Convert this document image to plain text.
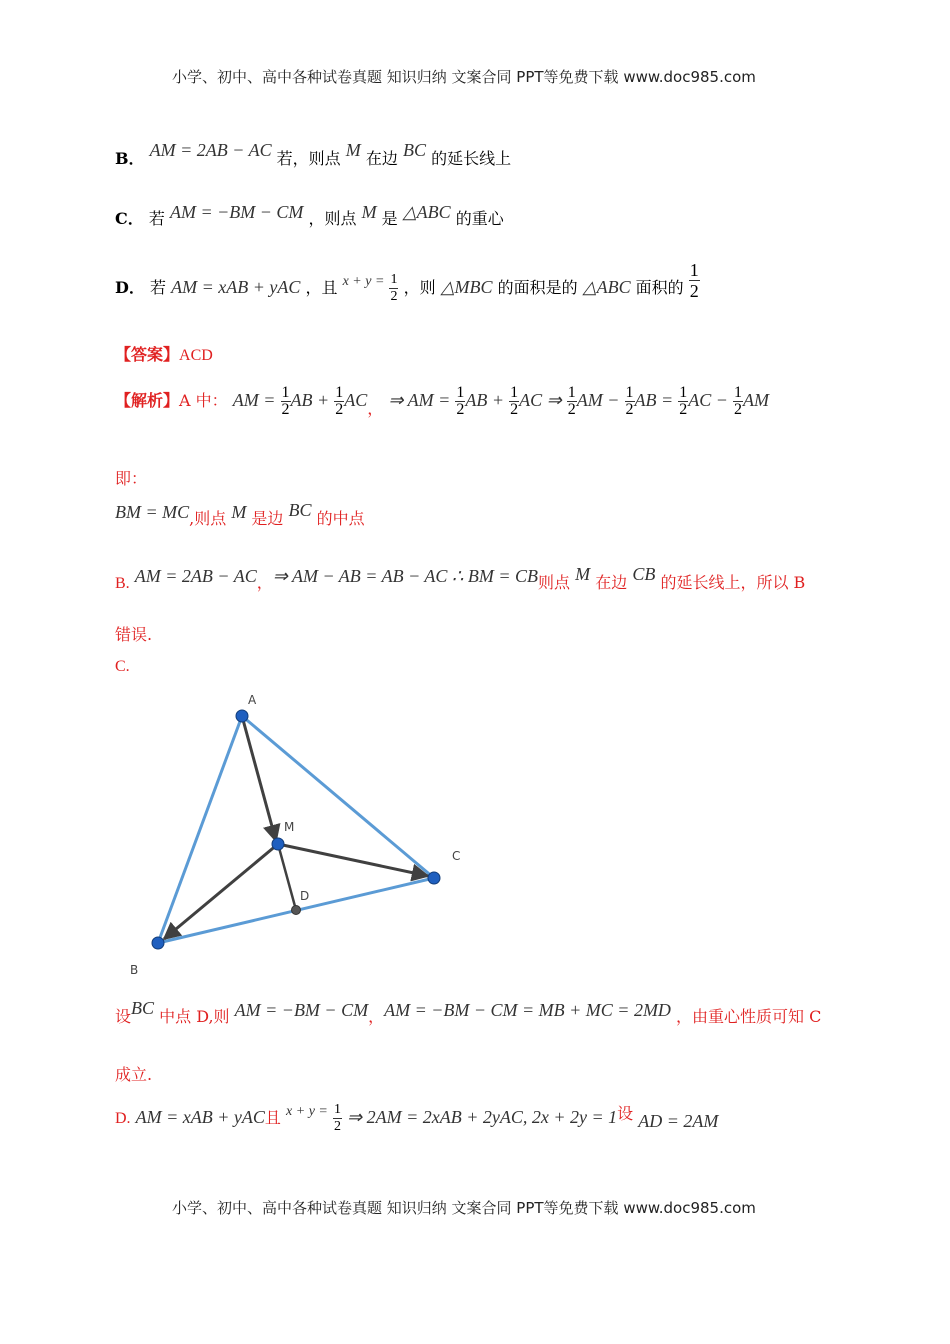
小学、初中、高中各种试卷真题 知识归纳 文案合同 PPT等免费下载 www.doc985.com
B． AM = 2AB − AC 若，则点 M 在边 BC 的延长线上
C． 若 AM = −BM − CM ，则点 M 是 △ABC 的重心
D． 若 AM = xAB + yAC ，且 $x + y = \frac{1}{2}$ ，则 △MBC 的面积是的 △ABC 面积的 $\frac{1}{2}$
【答案】ACD
【解析】A 中： AM = $\frac{1}{2}$ AB + $\frac{1}{2}$ AC， ⇒ AM = $\frac{1}{2}$ AB + $\frac{1}{2}$ AC ⇒ $\frac{1}{2}$ AM − $\frac{1}{2}$ AB = $\frac{1}{2}$ AC − $\frac{1}{2}$ AM
即：
BM = MC,则点 M 是边 BC 的中点
B. AM = 2AB − AC，⇒ AM − AB = AB − AC ∴ BM = CB则点 M 在边 CB 的延长线上，所以 B
错误.
C.
A
B
C
M
D
设BC 中点 D,则 AM = −BM − CM，AM = −BM − CM = MB + MC = 2MD ，由重心性质可知 C
成立.
D. AM = xAB + yAC且 $x + y = \frac{1}{2}$ ⇒ 2AM = 2xAB + 2yAC, 2x + 2y = 1设 AD = 2AM
小学、初中、高中各种试卷真题 知识归纳 文案合同 PPT等免费下载 www.doc985.com
